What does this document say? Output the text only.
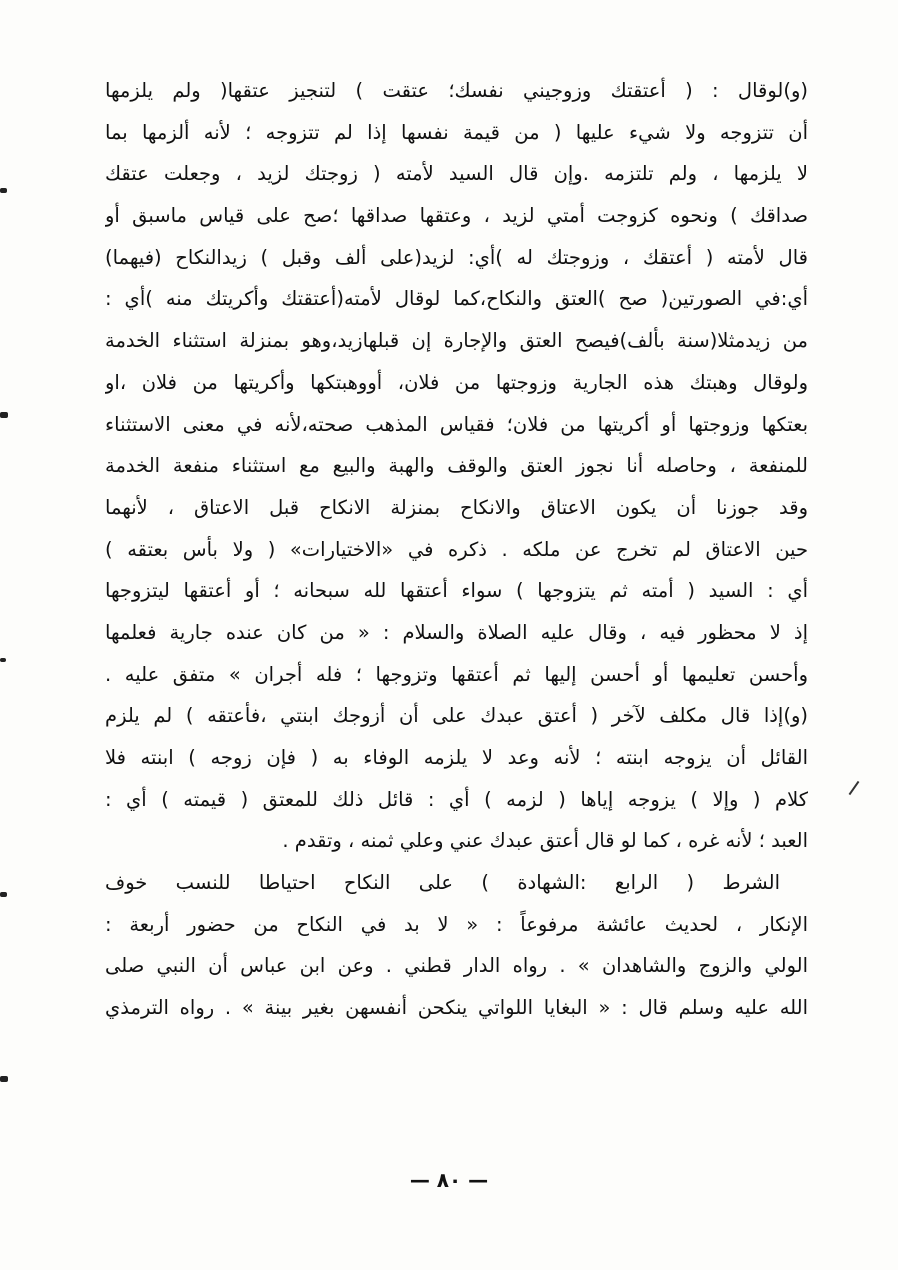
(و)لوقال : ( أعتقتك وزوجيني نفسك؛ عتقت ) لتنجيز عتقها( ولم يلزمها
أن تتزوجه ولا شيء عليها ( من قيمة نفسها إذا لم تتزوجه ؛ لأنه ألزمها بما
لا يلزمها ، ولم تلتزمه .وإن قال السيد لأمته ( زوجتك لزيد ، وجعلت عتقك
صداقك ) ونحوه كزوجت أمتي لزيد ، وعتقها صداقها ؛صح على قياس ماسبق أو
قال لأمته ( أعتقك ، وزوجتك له )أي: لزيد(على ألف وقبل ) زيدالنكاح (فيهما)
أي:في الصورتين( صح )العتق والنكاح،كما لوقال لأمته(أعتقتك وأكريتك منه )أي :
من زيدمثلا(سنة بألف)فيصح العتق والإجارة إن قبلهازيد،وهو بمنزلة استثناء الخدمة
ولوقال وهبتك هذه الجارية وزوجتها من فلان، أووهبتكها وأكريتها من فلان ،او
بعتكها وزوجتها أو أكريتها من فلان؛ فقياس المذهب صحته،لأنه في معنى الاستثناء
للمنفعة ، وحاصله أنا نجوز العتق والوقف والهبة والبيع مع استثناء منفعة الخدمة
وقد جوزنا أن يكون الاعتاق والانكاح بمنزلة الانكاح قبل الاعتاق ، لأنهما
حين الاعتاق لم تخرج عن ملكه . ذكره في «الاختيارات» ( ولا بأس بعتقه )
أي : السيد ( أمته ثم يتزوجها ) سواء أعتقها لله سبحانه ؛ أو أعتقها ليتزوجها
إذ لا محظور فيه ، وقال عليه الصلاة والسلام : « من كان عنده جارية فعلمها
وأحسن تعليمها أو أحسن إليها ثم أعتقها وتزوجها ؛ فله أجران » متفق عليه .
(و)إذا قال مكلف لآخر ( أعتق عبدك على أن أزوجك ابنتي ،فأعتقه ) لم يلزم
القائل أن يزوجه ابنته ؛ لأنه وعد لا يلزمه الوفاء به ( فإن زوجه ) ابنته فلا
كلام ( وإلا ) يزوجه إياها ( لزمه ) أي : قائل ذلك للمعتق ( قيمته ) أي :
العبد ؛ لأنه غره ، كما لو قال أعتق عبدك عني وعلي ثمنه ، وتقدم .
الشرط ( الرابع :الشهادة ) على النكاح احتياطا للنسب خوف
الإنكار ، لحديث عائشة مرفوعاً : « لا بد في النكاح من حضور أربعة :
الولي والزوج والشاهدان » . رواه الدار قطني . وعن ابن عباس أن النبي صلى
الله عليه وسلم قال : « البغايا اللواتي ينكحن أنفسهن بغير بينة » . رواه الترمذي
— ٨٠ —
